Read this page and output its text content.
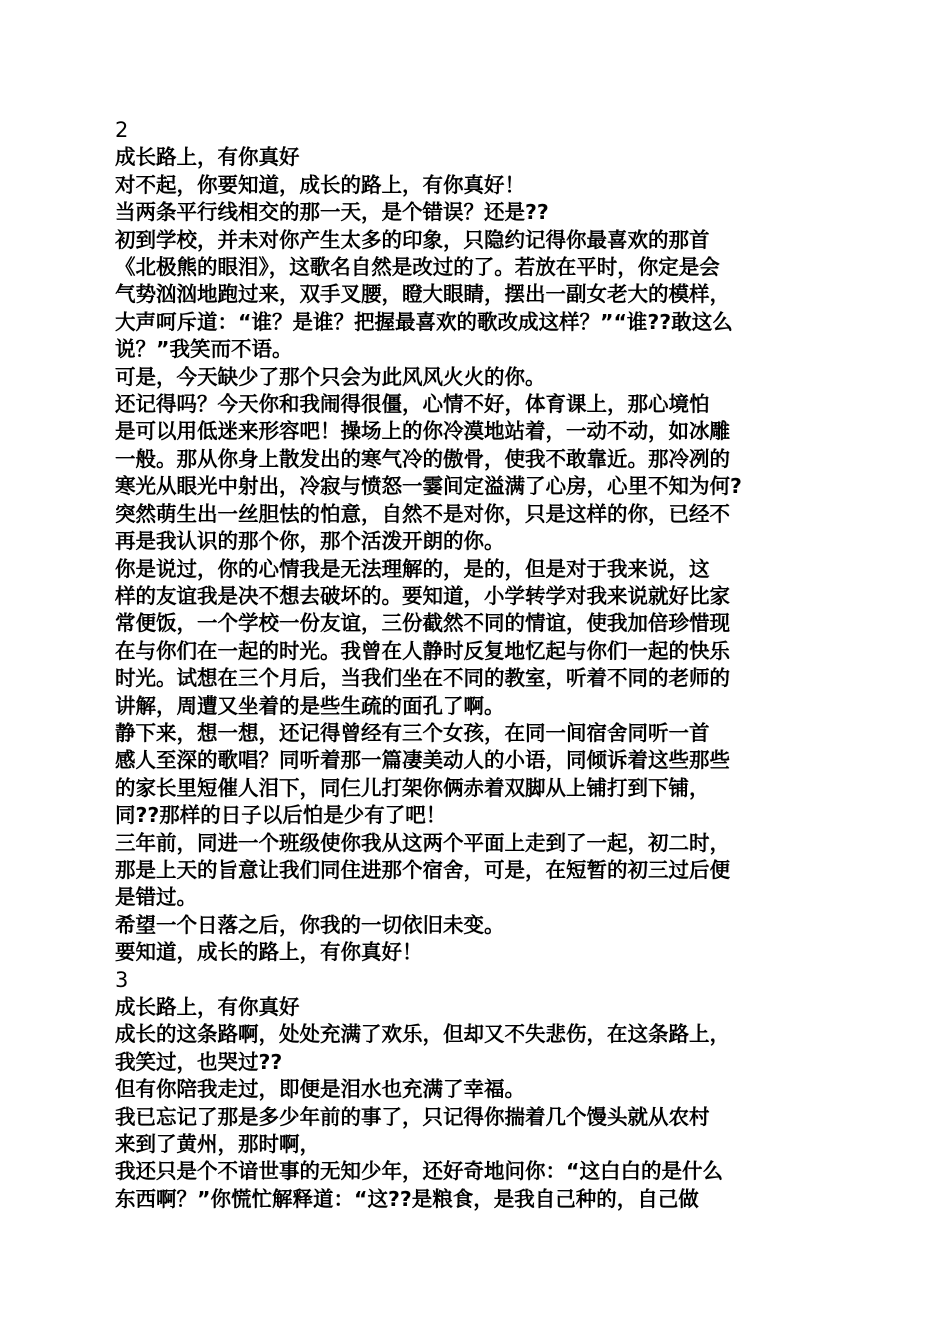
2
成长路上，有你真好
对不起，你要知道，成长的路上，有你真好！
当两条平行线相交的那一天，是个错误？还是??
初到学校，并未对你产生太多的印象，只隐约记得你最喜欢的那首
《北极熊的眼泪》，这歌名自然是改过的了。若放在平时，你定是会
气势汹汹地跑过来，双手叉腰，瞪大眼睛，摆出一副女老大的模样，
大声呵斥道：“谁？是谁？把握最喜欢的歌改成这样？”“谁??敢这么
说？”我笑而不语。
可是，今天缺少了那个只会为此风风火火的你。
还记得吗？今天你和我闹得很僵，心情不好，体育课上，那心境怕
是可以用低迷来形容吧！操场上的你冷漠地站着，一动不动，如冰雕
一般。那从你身上散发出的寒气冷的傲骨，使我不敢靠近。那冷冽的
寒光从眼光中射出，冷寂与愤怒一霎间定溢满了心房，心里不知为何?
突然萌生出一丝胆怯的怕意，自然不是对你，只是这样的你，已经不
再是我认识的那个你，那个活泼开朗的你。
你是说过，你的心情我是无法理解的，是的，但是对于我来说，这
样的友谊我是决不想去破坏的。要知道，小学转学对我来说就好比家
常便饭，一个学校一份友谊，三份截然不同的情谊，使我加倍珍惜现
在与你们在一起的时光。我曾在人静时反复地忆起与你们一起的快乐
时光。试想在三个月后，当我们坐在不同的教室，听着不同的老师的
讲解，周遭又坐着的是些生疏的面孔了啊。
静下来，想一想，还记得曾经有三个女孩，在同一间宿舍同听一首
感人至深的歌唱？同听着那一篇凄美动人的小语，同倾诉着这些那些
的家长里短催人泪下，同仨儿打架你俩赤着双脚从上铺打到下铺，
同??那样的日子以后怕是少有了吧！
三年前，同进一个班级使你我从这两个平面上走到了一起，初二时，
那是上天的旨意让我们同住进那个宿舍，可是，在短暂的初三过后便
是错过。
希望一个日落之后，你我的一切依旧未变。
要知道，成长的路上，有你真好！
3
成长路上，有你真好
成长的这条路啊，处处充满了欢乐，但却又不失悲伤，在这条路上，
我笑过，也哭过??
但有你陪我走过，即便是泪水也充满了幸福。
我已忘记了那是多少年前的事了，只记得你揣着几个馒头就从农村
来到了黄州，那时啊，
我还只是个不谙世事的无知少年，还好奇地问你：“这白白的是什么
东西啊？”你慌忙解释道：“这??是粮食，是我自己种的，自己做
